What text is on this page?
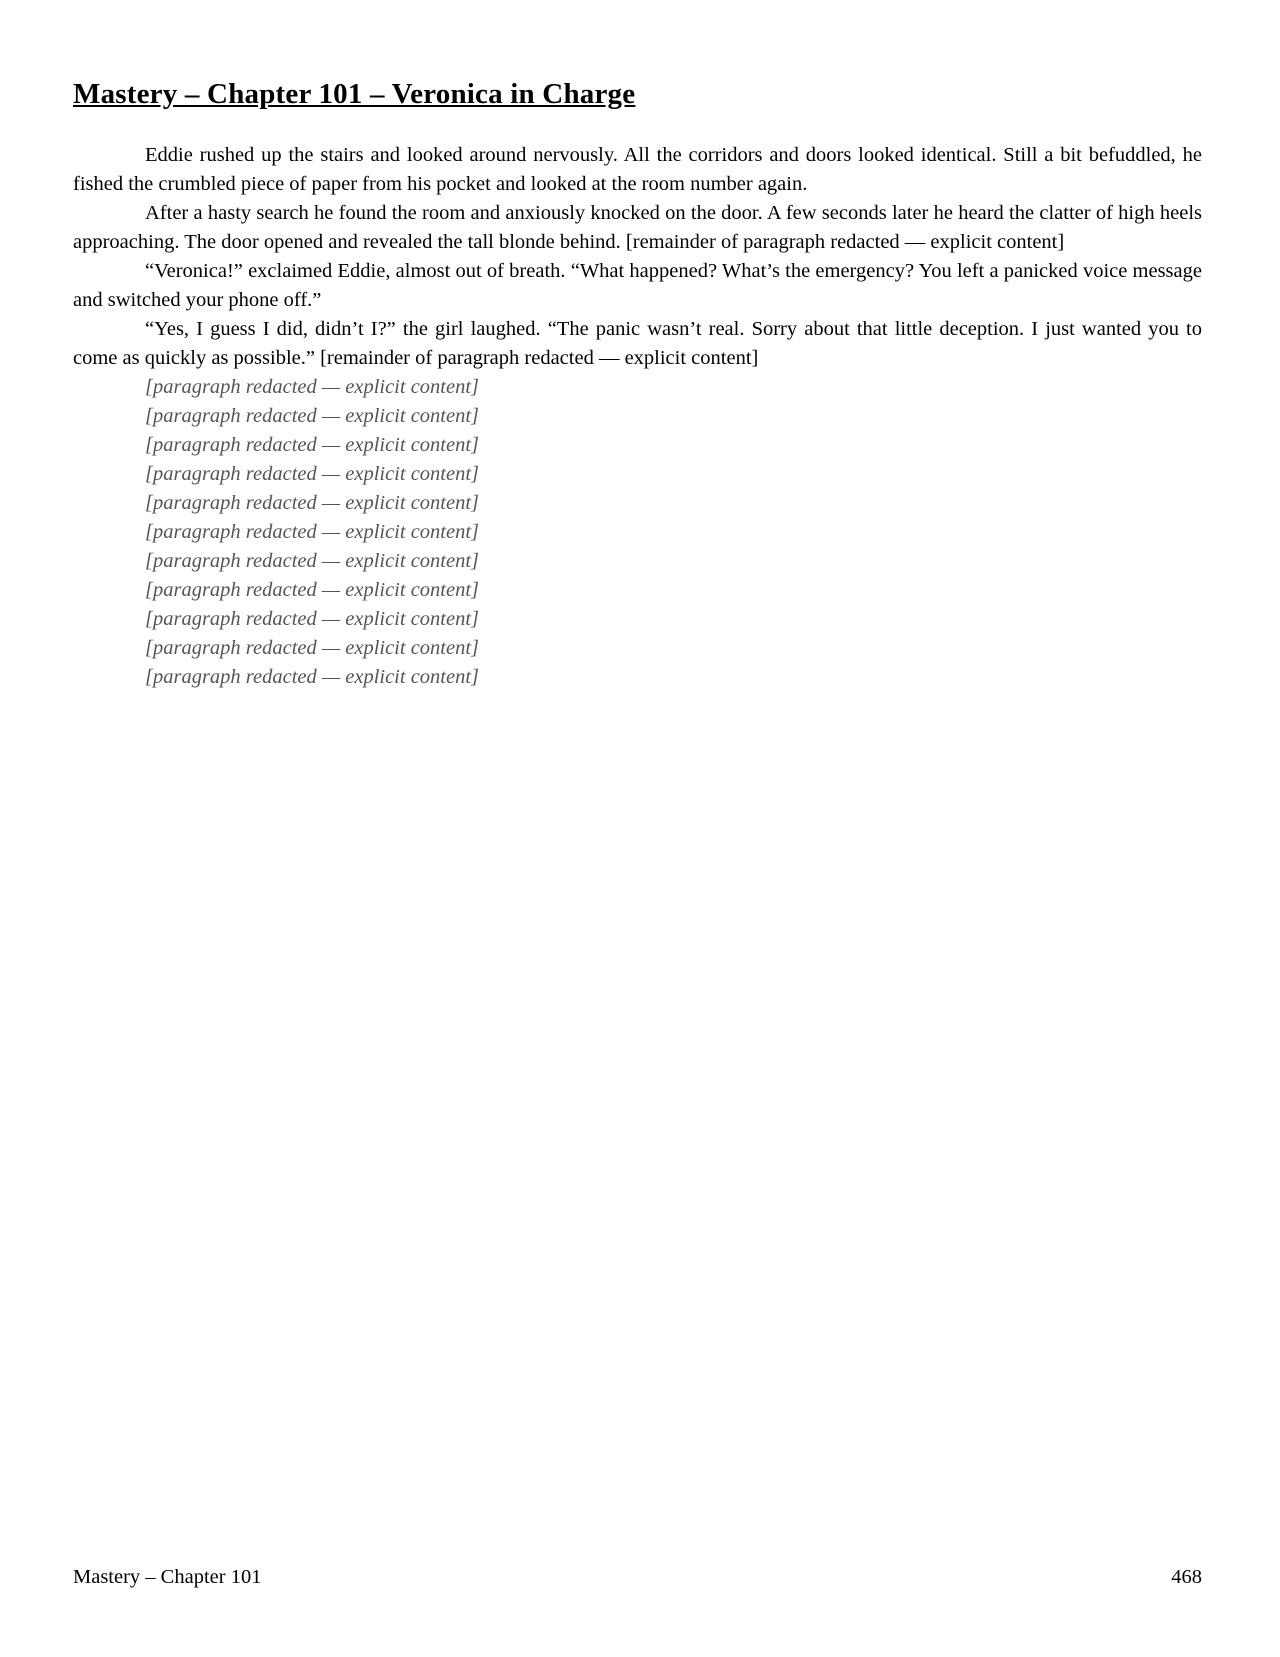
Mastery – Chapter 101 – Veronica in Charge

Eddie rushed up the stairs and looked around nervously. All the corridors and doors looked identical. Still a bit befuddled, he fished the crumbled piece of paper from his pocket and looked at the room number again.

After a hasty search he found the room and anxiously knocked on the door. A few seconds later he heard the clatter of high heels approaching. The door opened and revealed the tall blonde behind. [remainder of paragraph redacted — explicit content]

“Veronica!” exclaimed Eddie, almost out of breath. “What happened? What’s the emergency? You left a panicked voice message and switched your phone off.”

“Yes, I guess I did, didn’t I?” the girl laughed. “The panic wasn’t real. Sorry about that little deception. I just wanted you to come as quickly as possible.” [remainder of paragraph redacted — explicit content]

[paragraph redacted — explicit content]

[paragraph redacted — explicit content]

[paragraph redacted — explicit content]

[paragraph redacted — explicit content]

[paragraph redacted — explicit content]

[paragraph redacted — explicit content]

[paragraph redacted — explicit content]

[paragraph redacted — explicit content]

[paragraph redacted — explicit content]

[paragraph redacted — explicit content]

[paragraph redacted — explicit content]

Mastery – Chapter 101	468
